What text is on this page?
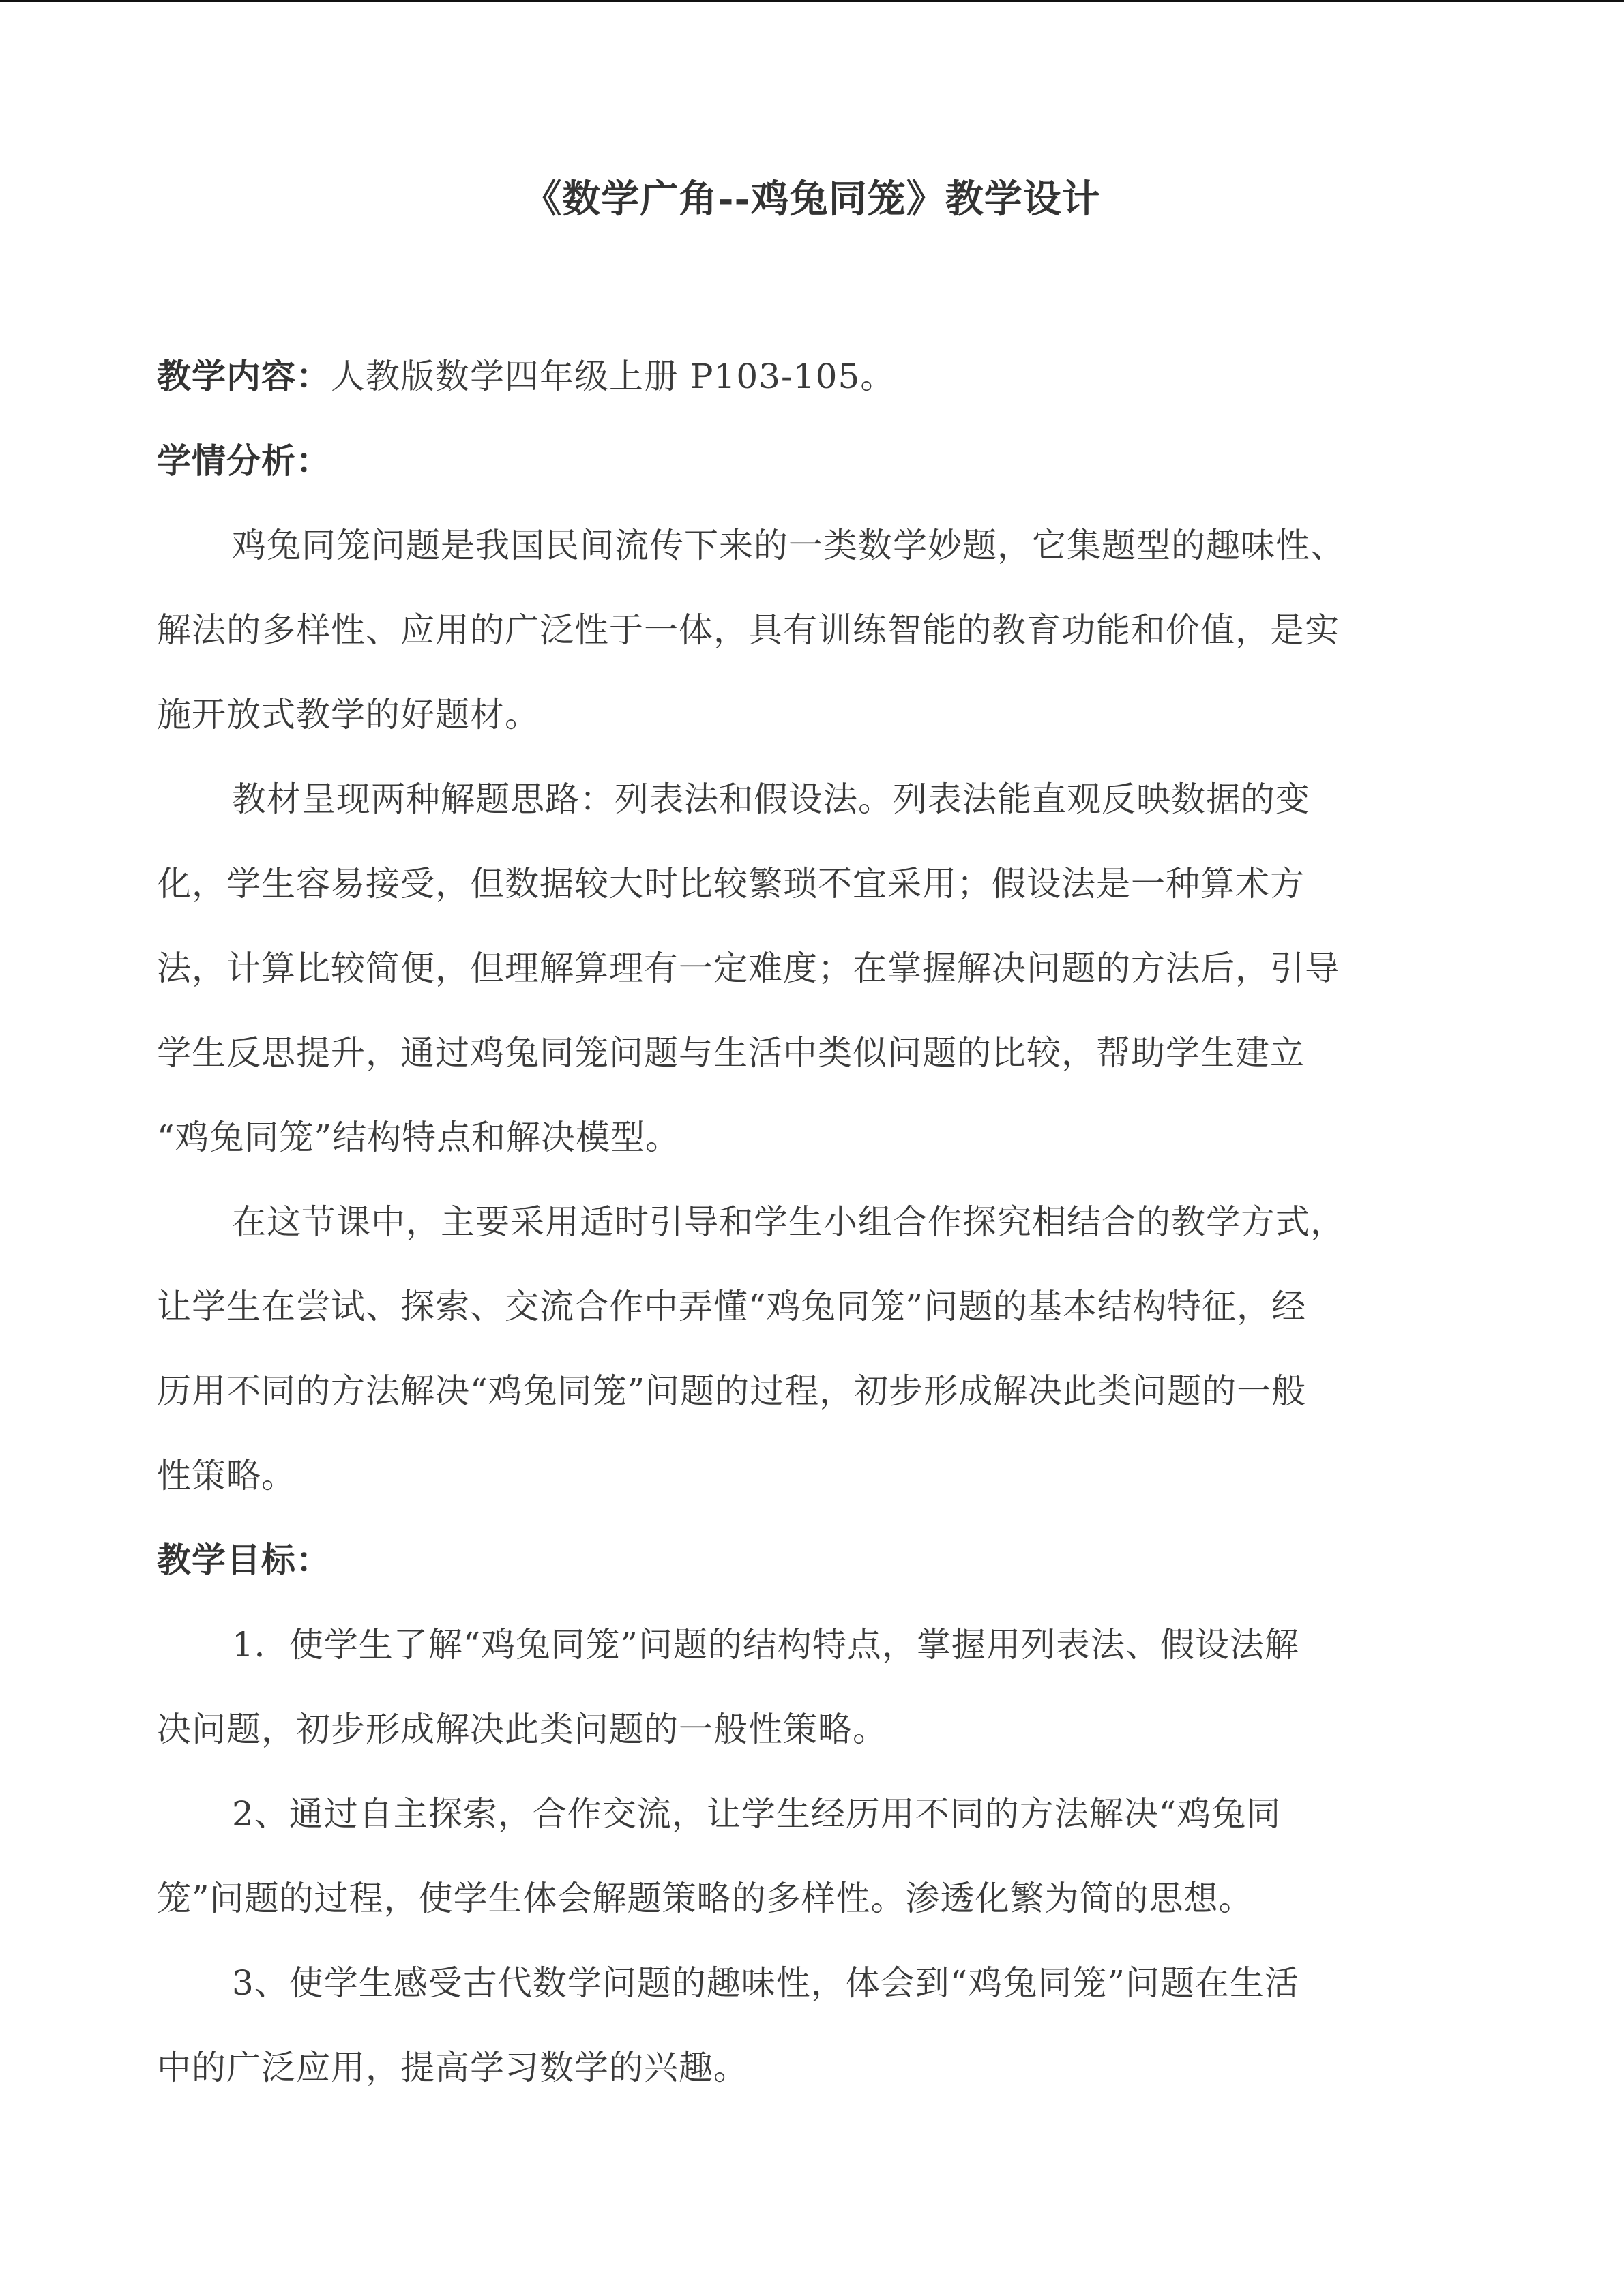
《数学广角--鸡兔同笼》教学设计
教学内容：人教版数学四年级上册 P103-105。
学情分析：
鸡兔同笼问题是我国民间流传下来的一类数学妙题，它集题型的趣味性、
解法的多样性、应用的广泛性于一体，具有训练智能的教育功能和价值，是实
施开放式教学的好题材。
教材呈现两种解题思路：列表法和假设法。列表法能直观反映数据的变
化，学生容易接受，但数据较大时比较繁琐不宜采用；假设法是一种算术方
法，计算比较简便，但理解算理有一定难度；在掌握解决问题的方法后，引导
学生反思提升，通过鸡兔同笼问题与生活中类似问题的比较，帮助学生建立
“鸡兔同笼”结构特点和解决模型。
在这节课中，主要采用适时引导和学生小组合作探究相结合的教学方式，
让学生在尝试、探索、交流合作中弄懂“鸡兔同笼”问题的基本结构特征，经
历用不同的方法解决“鸡兔同笼”问题的过程，初步形成解决此类问题的一般
性策略。
教学目标：
1．使学生了解“鸡兔同笼”问题的结构特点，掌握用列表法、假设法解
决问题，初步形成解决此类问题的一般性策略。
2、通过自主探索，合作交流，让学生经历用不同的方法解决“鸡兔同
笼”问题的过程，使学生体会解题策略的多样性。渗透化繁为简的思想。
3、使学生感受古代数学问题的趣味性，体会到“鸡兔同笼”问题在生活
中的广泛应用，提高学习数学的兴趣。
